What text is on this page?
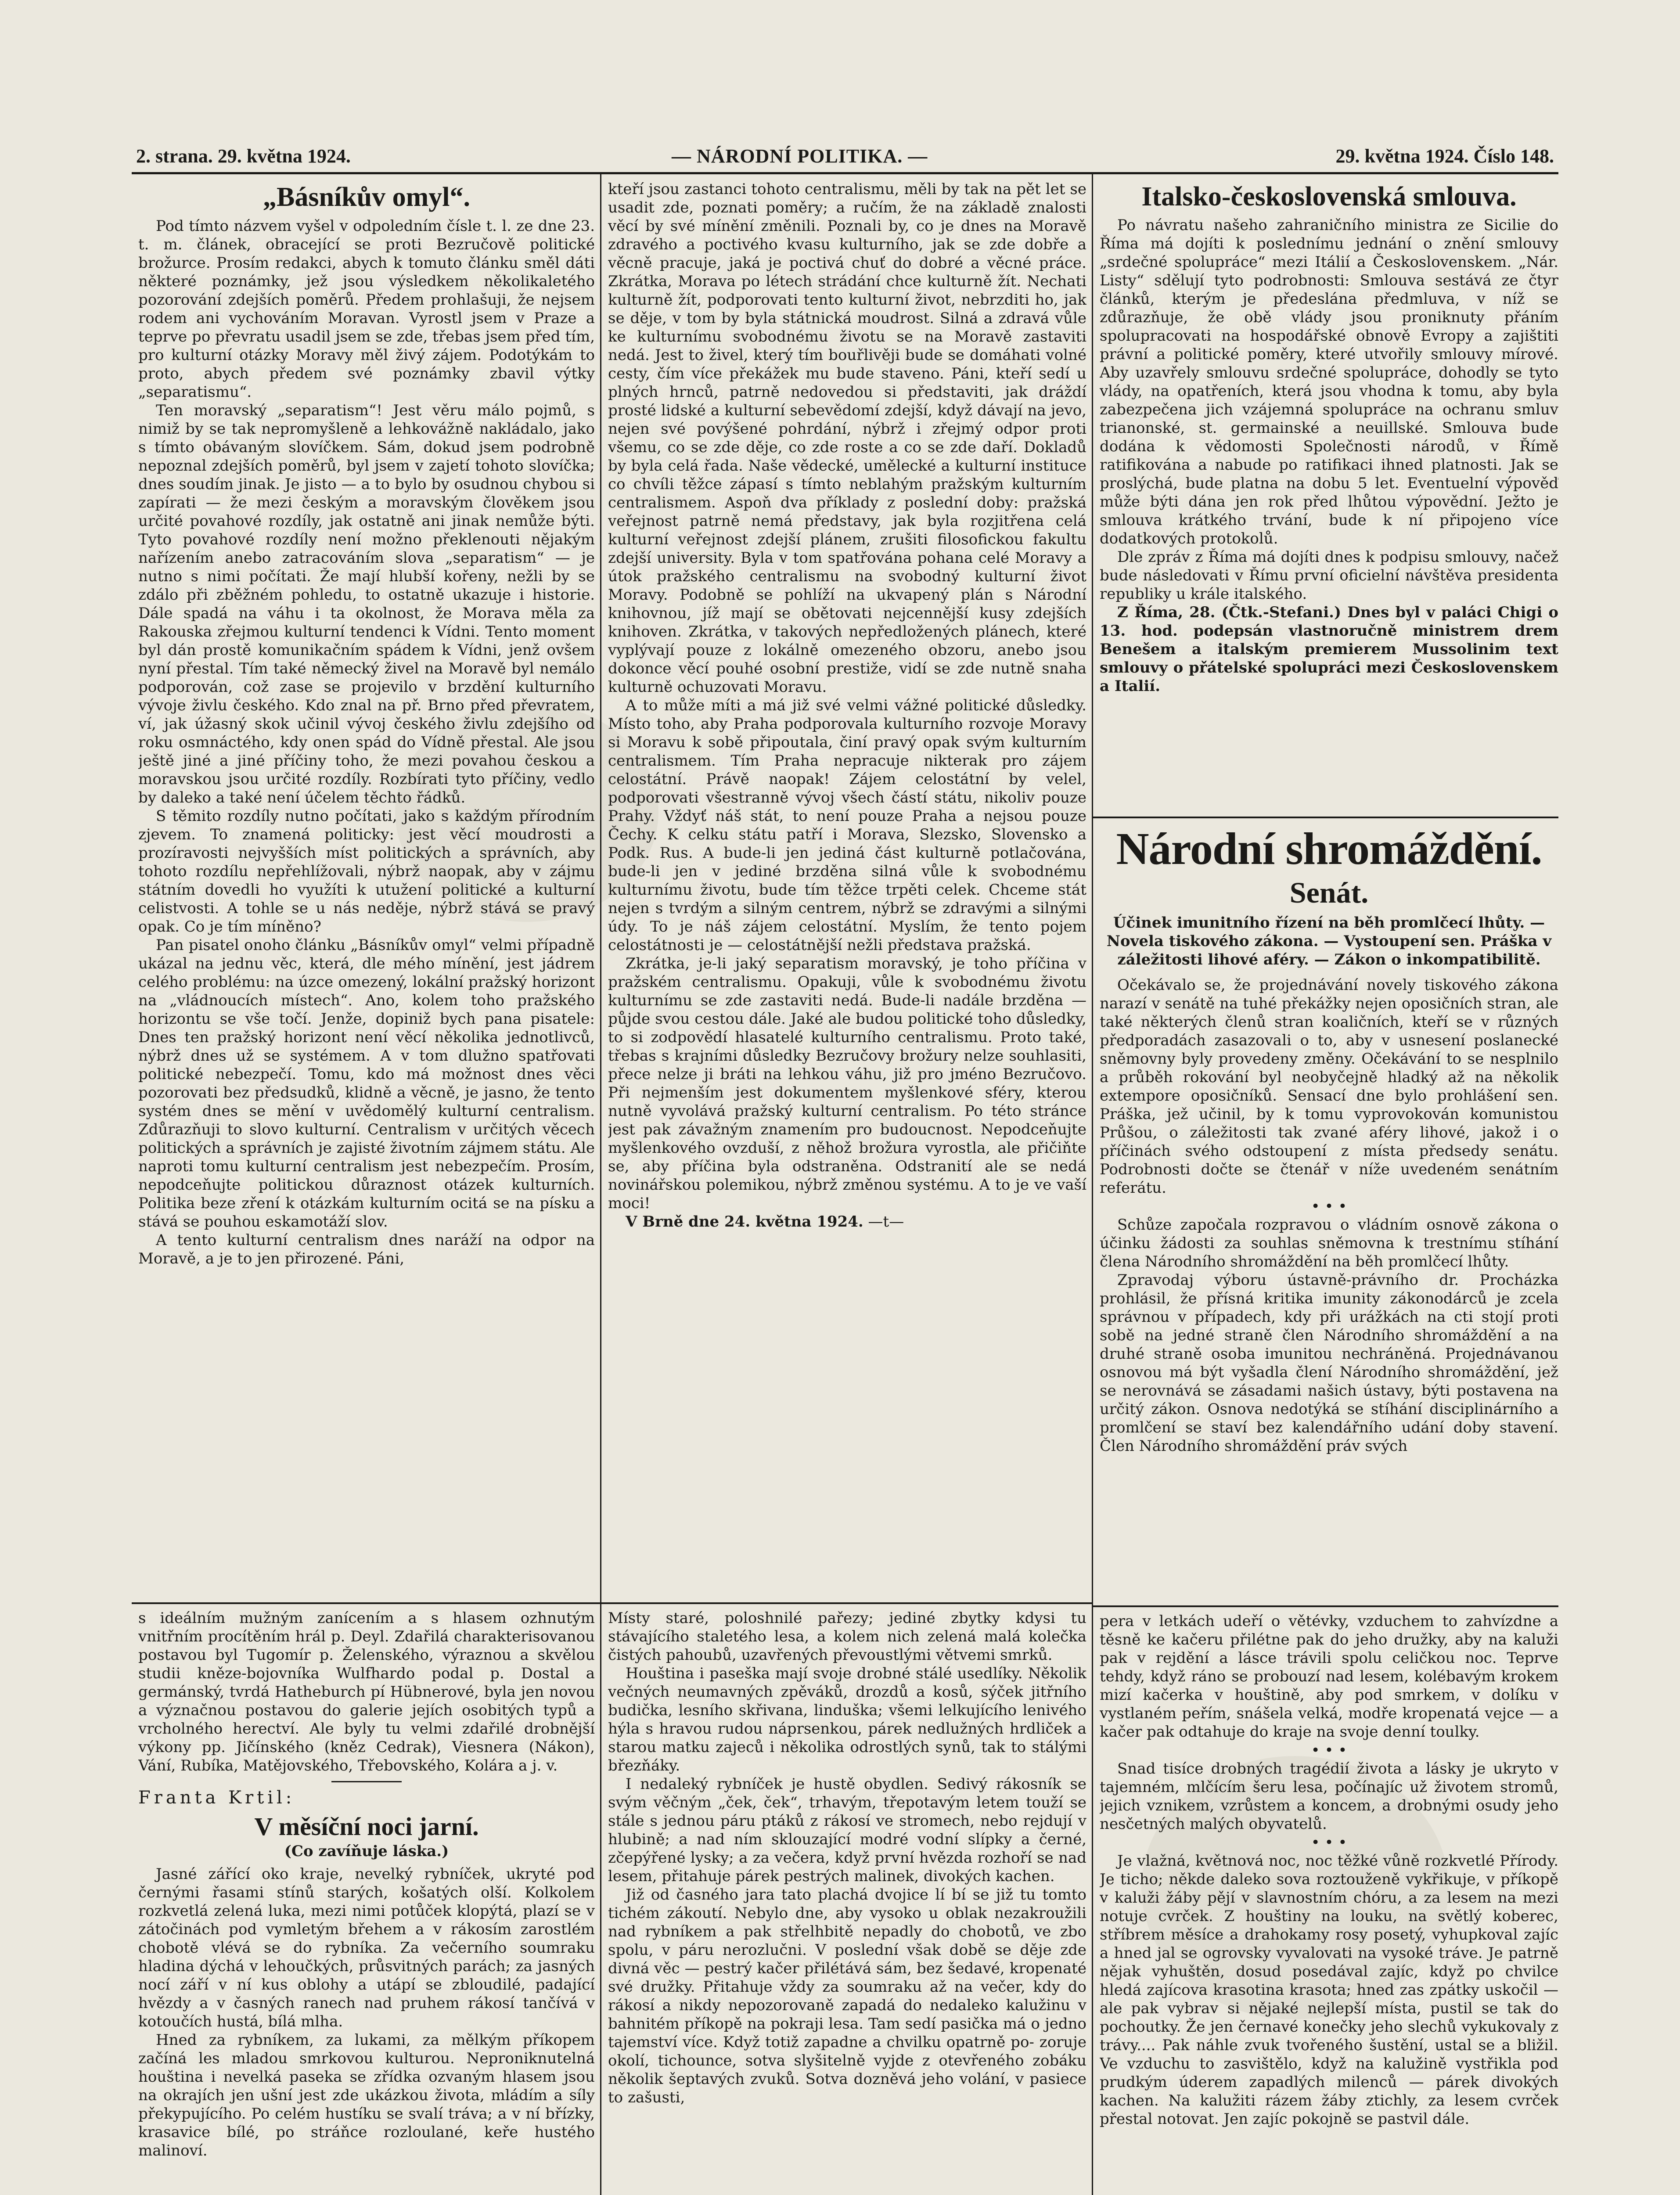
2. strana. 29. května 1924.	— NÁRODNÍ POLITIKA. —	29. května 1924. Číslo 148.
„Básníkův omyl“.

Pod tímto názvem vyšel v odpoledním čísle t. l. ze dne 23. t. m. článek, obracející se proti Bezručově politické brožurce. Prosím redakci, abych k tomuto článku směl dáti některé poznámky, jež jsou výsledkem několikaletého pozorování zdejších poměrů. Předem prohlašuji, že nejsem rodem ani vychováním Moravan. Vyrostl jsem v Praze a teprve po převratu usadil jsem se zde, třebas jsem před tím, pro kulturní otázky Moravy měl živý zájem. Podotýkám to proto, abych předem své poznámky zbavil výtky „separatismu“.

Ten moravský „separatism“! Jest věru málo pojmů, s nimiž by se tak nepromyšleně a lehkovážně nakládalo, jako s tímto obávaným slovíčkem. Sám, dokud jsem podrobně nepoznal zdejších poměrů, byl jsem v zajetí tohoto slovíčka; dnes soudím jinak. Je jisto — a to bylo by osudnou chybou si zapírati — že mezi českým a moravským člověkem jsou určité povahové rozdíly, jak ostatně ani jinak nemůže býti. Tyto povahové rozdíly není možno překlenouti nějakým nařízením anebo zatracováním slova „separatism“ — je nutno s nimi počítati. Že mají hlubší kořeny, nežli by se zdálo při zběžném pohledu, to ostatně ukazuje i historie. Dále spadá na váhu i ta okolnost, že Morava měla za Rakouska zřejmou kulturní tendenci k Vídni. Tento moment byl dán prostě komunikačním spádem k Vídni, jenž ovšem nyní přestal. Tím také německý živel na Moravě byl nemálo podporován, což zase se projevilo v brzdění kulturního vývoje živlu českého. Kdo znal na př. Brno před převratem, ví, jak úžasný skok učinil vývoj českého živlu zdejšího od roku osmnáctého, kdy onen spád do Vídně přestal. Ale jsou ještě jiné a jiné příčiny toho, že mezi povahou českou a moravskou jsou určité rozdíly. Rozbírati tyto příčiny, vedlo by daleko a také není účelem těchto řádků.

S těmito rozdíly nutno počítati, jako s každým přírodním zjevem. To znamená politicky: jest věcí moudrosti a prozíravosti nejvyšších míst politických a správních, aby tohoto rozdílu nepřehlížovali, nýbrž naopak, aby v zájmu státním dovedli ho využíti k utužení politické a kulturní celistvosti. A tohle se u nás neděje, nýbrž stává se pravý opak. Co je tím míněno?

Pan pisatel onoho článku „Básníkův omyl“ velmi případně ukázal na jednu věc, která, dle mého mínění, jest jádrem celého problému: na úzce omezený, lokální pražský horizont na „vládnoucích místech“. Ano, kolem toho pražského horizontu se vše točí. Jenže, dopiniž bych pana pisatele: Dnes ten pražský horizont není věcí několika jednotlivců, nýbrž dnes už se systémem. A v tom dlužno spatřovati politické nebezpečí. Tomu, kdo má možnost dnes věci pozorovati bez předsudků, klidně a věcně, je jasno, že tento systém dnes se mění v uvědomělý kulturní centralism. Zdůrazňuji to slovo kulturní. Centralism v určitých věcech politických a správních je zajisté životním zájmem státu. Ale naproti tomu kulturní centralism jest nebezpečím. Prosím, nepodceňujte politickou důraznost otázek kulturních. Politika beze zření k otázkám kulturním ocitá se na písku a stává se pouhou eskamotáží slov.

A tento kulturní centralism dnes naráží na odpor na Moravě, a je to jen přirozené. Páni,

kteří jsou zastanci tohoto centralismu, měli by tak na pět let se usadit zde, poznati poměry; a ručím, že na základě znalosti věcí by své mínění změnili. Poznali by, co je dnes na Moravě zdravého a poctivého kvasu kulturního, jak se zde dobře a věcně pracuje, jaká je poctivá chuť do dobré a věcné práce. Zkrátka, Morava po létech strádání chce kulturně žít. Nechati kulturně žít, podporovati tento kulturní život, nebrzditi ho, jak se děje, v tom by byla státnická moudrost. Silná a zdravá vůle ke kulturnímu svobodnému životu se na Moravě zastaviti nedá. Jest to živel, který tím bouřlivěji bude se domáhati volné cesty, čím více překážek mu bude staveno. Páni, kteří sedí u plných hrnců, patrně nedovedou si představiti, jak dráždí prosté lidské a kulturní sebevědomí zdejší, když dávají na jevo, nejen své povýšené pohrdání, nýbrž i zřejmý odpor proti všemu, co se zde děje, co zde roste a co se zde daří. Dokladů by byla celá řada. Naše vědecké, umělecké a kulturní instituce co chvíli těžce zápasí s tímto neblahým pražským kulturním centralismem. Aspoň dva příklady z poslední doby: pražská veřejnost patrně nemá představy, jak byla rozjitřena celá kulturní veřejnost zdejší plánem, zrušiti filosofickou fakultu zdejší university. Byla v tom spatřována pohana celé Moravy a útok pražského centralismu na svobodný kulturní život Moravy. Podobně se pohlíží na ukvapený plán s Národní knihovnou, jíž mají se obětovati nejcennější kusy zdejších knihoven. Zkrátka, v takových nepředložených plánech, které vyplývají pouze z lokálně omezeného obzoru, anebo jsou dokonce věcí pouhé osobní prestiže, vidí se zde nutně snaha kulturně ochuzovati Moravu.

A to může míti a má již své velmi vážné politické důsledky. Místo toho, aby Praha podporovala kulturního rozvoje Moravy si Moravu k sobě připoutala, činí pravý opak svým kulturním centralismem. Tím Praha nepracuje nikterak pro zájem celostátní. Právě naopak! Zájem celostátní by velel, podporovati všestranně vývoj všech částí státu, nikoliv pouze Prahy. Vždyť náš stát, to není pouze Praha a nejsou pouze Čechy. K celku státu patří i Morava, Slezsko, Slovensko a Podk. Rus. A bude-li jen jediná část kulturně potlačována, bude-li jen v jediné brzděna silná vůle k svobodnému kulturnímu životu, bude tím těžce trpěti celek. Chceme stát nejen s tvrdým a silným centrem, nýbrž se zdravými a silnými údy. To je náš zájem celostátní. Myslím, že tento pojem celostátnosti je — celostátnější nežli představa pražská.

Zkrátka, je-li jaký separatism moravský, je toho příčina v pražském centralismu. Opakuji, vůle k svobodnému životu kulturnímu se zde zastaviti nedá. Bude-li nadále brzděna — půjde svou cestou dále. Jaké ale budou politické toho důsledky, to si zodpovědí hlasatelé kulturního centralismu. Proto také, třebas s krajními důsledky Bezručovy brožury nelze souhlasiti, přece nelze ji bráti na lehkou váhu, již pro jméno Bezručovo. Při nejmenším jest dokumentem myšlenkové sféry, kterou nutně vyvolává pražský kulturní centralism. Po této stránce jest pak závažným znamením pro budoucnost. Nepodceňujte myšlenkového ovzduší, z něhož brožura vyrostla, ale přičiňte se, aby příčina byla odstraněna. Odstranití ale se nedá novinářskou polemikou, nýbrž změnou systému. A to je ve vaší moci!

V Brně dne 24. května 1924. —t—

s ideálním mužným zanícením a s hlasem ozhnutým vnitřním procítěním hrál p. Deyl. Zdařilá charakterisovanou postavou byl Tugomír p. Želenského, výraznou a skvělou studii kněze-bojovníka Wulfhardo podal p. Dostal a germánský, tvrdá Hatheburch pí Hübnerové, byla jen novou a význačnou postavou do galerie jejích osobitých typů a vrcholného herectví. Ale byly tu velmi zdařilé drobnější výkony pp. Jičínského (kněz Cedrak), Viesnera (Nákon), Vání, Rubíka, Matějovského, Třebovského, Kolára a j. v.

Franta Krtil:
V měsíční noci jarní.
(Co zavíňuje láska.)

Jasné zářící oko kraje, nevelký rybníček, ukryté pod černými řasami stínů starých, košatých olší. Kolkolem rozkvetlá zelená luka, mezi nimi potůček klopýtá, plazí se v zátočinách pod vymletým břehem a v rákosím zarostlém chobotě vlévá se do rybníka. Za večerního soumraku hladina dýchá v lehoučkých, průsvitných parách; za jasných nocí září v ní kus oblohy a utápí se zbloudilé, padající hvězdy a v časných ranech nad pruhem rákosí tančívá v kotoučích hustá, bílá mlha.

Hned za rybníkem, za lukami, za mělkým příkopem začíná les mladou smrkovou kulturou. Neproniknutelná houština i nevelká paseka se zřídka ozvaným hlasem jsou na okrajích jen ušní jest zde ukázkou života, mládím a síly překypujícího. Po celém hustíku se svalí tráva; a v ní břízky, krasavice bílé, po stráňce rozloulané, keře hustého malinoví.

Místy staré, poloshnilé pařezy; jediné zbytky kdysi tu stávajícího staletého lesa, a kolem nich zelená malá kolečka čistých pahoubů, uzavřených převoustlými větvemi smrků.

Houština i paseška mají svoje drobné stálé usedlíky. Několik večných neumavných zpěváků, drozdů a kosů, sýček jitřního budička, lesního skřivana, linduška; všemi lelkujícího lenivého hýla s hravou rudou náprsenkou, párek nedlužných hrdliček a starou matku zajeců i několika odrostlých synů, tak to stálými březňáky.

I nedaleký rybníček je hustě obydlen. Sedivý rákosník se svým věčným „ček, ček“, trhavým, třepotavým letem touží se stále s jednou páru ptáků z rákosí ve stromech, nebo rejdují v hlubině; a nad ním sklouzající modré vodní slípky a černé, zčepýřené lysky; a za večera, když první hvězda rozhoří se nad lesem, přitahuje párek pestrých malinek, divokých kachen.

Již od časného jara tato plachá dvojice lí bí se již tu tomto tichém zákoutí. Nebylo dne, aby vysoko u oblak nezakroužili nad rybníkem a pak střelhbitě nepadly do chobotů, ve zbo spolu, v páru nerozlučni. V poslední však době se děje zde divná věc — pestrý kačer přilétává sám, bez šedavé, kropenaté své družky. Přitahuje vždy za soumraku až na večer, kdy do rákosí a nikdy nepozorovaně zapadá do nedaleko kalužinu v bahnitém příkopě na pokraji lesa. Tam sedí pasička má o jedno tajemství více. Když totiž zapadne a chvilku opatrně po- zoruje okolí, tichounce, sotva slyšitelně vyjde z otevřeného zobáku několik šeptavých zvuků. Sotva dozněvá jeho volání, v pasiece to zašusti,

Italsko-československá smlouva.

Po návratu našeho zahraničního ministra ze Sicilie do Říma má dojíti k poslednímu jednání o znění smlouvy „srdečné spolupráce“ mezi Itálií a Československem. „Nár. Listy“ sdělují tyto podrobnosti: Smlouva sestává ze čtyr článků, kterým je předeslána předmluva, v níž se zdůrazňuje, že obě vlády jsou proniknuty přáním spolupracovati na hospodářské obnově Evropy a zajištiti právní a politické poměry, které utvořily smlouvy mírové. Aby uzavřely smlouvu srdečné spolupráce, dohodly se tyto vlády, na opatřeních, která jsou vhodna k tomu, aby byla zabezpečena jich vzájemná spolupráce na ochranu smluv trianonské, st. germainské a neuillské. Smlouva bude dodána k vědomosti Společnosti národů, v Římě ratifikována a nabude po ratifikaci ihned platnosti. Jak se proslýchá, bude platna na dobu 5 let. Eventuelní výpověď může býti dána jen rok před lhůtou výpovědní. Ježto je smlouva krátkého trvání, bude k ní připojeno více dodatkových protokolů.

Dle zpráv z Říma má dojíti dnes k podpisu smlouvy, načež bude následovati v Římu první oficielní návštěva presidenta republiky u krále italského.

Z Říma, 28. (Čtk.-Stefani.) Dnes byl v paláci Chigi o 13. hod. podepsán vlastnoručně ministrem drem Benešem a italským premierem Mussolinim text smlouvy o přátelské spolupráci mezi Československem a Italií.

Národní shromáždění.
Senát.
Účinek imunitního řízení na běh promlčecí lhůty. — Novela tiskového zákona. — Vystoupení sen. Práška v záležitosti lihové aféry. — Zákon o inkompatibilitě.

Očekávalo se, že projednávání novely tiskového zákona narazí v senátě na tuhé překážky nejen oposičních stran, ale také některých členů stran koaličních, kteří se v různých předporadách zasazovali o to, aby v usnesení poslanecké sněmovny byly provedeny změny. Očekávání to se nesplnilo a průběh rokování byl neobyčejně hladký až na několik extempore oposičníků. Sensací dne bylo prohlášení sen. Práška, jež učinil, by k tomu vyprovokován komunistou Průšou, o záležitosti tak zvané aféry lihové, jakož i o příčinách svého odstoupení z místa předsedy senátu. Podrobnosti dočte se čtenář v níže uvedeném senátním referátu.

• • •

Schůze započala rozpravou o vládním osnově zákona o účinku žádosti za souhlas sněmovna k trestnímu stíhání člena Národního shromáždění na běh promlčecí lhůty.

Zpravodaj výboru ústavně-právního dr. Procházka prohlásil, že přísná kritika imunity zákonodárců je zcela správnou v případech, kdy při urážkách na cti stojí proti sobě na jedné straně člen Národního shromáždění a na druhé straně osoba imunitou nechráněná. Projednávanou osnovou má být vyšadla člení Národního shromáždění, jež se nerovnává se zásadami našich ústavy, býti postavena na určitý zákon. Osnova nedotýká se stíhání disciplinárního a promlčení se staví bez kalendářního udání doby stavení. Člen Národního shromáždění práv svých

pera v letkách udeří o větévky, vzduchem to zahvízdne a těsně ke kačeru přilétne pak do jeho družky, aby na kaluži pak v rejdění a lásce trávili spolu celičkou noc. Teprve tehdy, když ráno se probouzí nad lesem, kolébavým krokem mizí kačerka v houštině, aby pod smrkem, v dolíku v vystlaném peřím, snášela velká, modře kropenatá vejce — a kačer pak odtahuje do kraje na svoje denní toulky.

• • •

Snad tisíce drobných tragédií života a lásky je ukryto v tajemném, mlčícím šeru lesa, počínajíc už životem stromů, jejich vznikem, vzrůstem a koncem, a drobnými osudy jeho nesčetných malých obyvatelů.

• • •

Je vlažná, květnová noc, noc těžké vůně rozkvetlé Přírody. Je ticho; někde daleko sova roztouženě vykřikuje, v příkopě v kaluži žáby pějí v slavnostním chóru, a za lesem na mezi notuje cvrček. Z houštiny na louku, na světlý koberec, stříbrem měsíce a drahokamy rosy posetý, vyhupkoval zajíc a hned jal se ogrovsky vyvalovati na vysoké tráve. Je patrně nějak vyhuštěn, dosud posedával zajíc, když po chvilce hledá zajícova krasotina krasota; hned zas zpátky uskočil — ale pak vybrav si nějaké nejlepší místa, pustil se tak do pochoutky. Že jen černavé konečky jeho slechů vykukovaly z trávy.... Pak náhle zvuk tvořeného šustění, ustal se a bližil. Ve vzduchu to zasvištělo, když na kalužině vystřikla pod prudkým úderem zapadlých milenců — párek divokých kachen. Na kalužiti rázem žáby ztichly, za lesem cvrček přestal notovat. Jen zajíc pokojně se pastvil dále.
